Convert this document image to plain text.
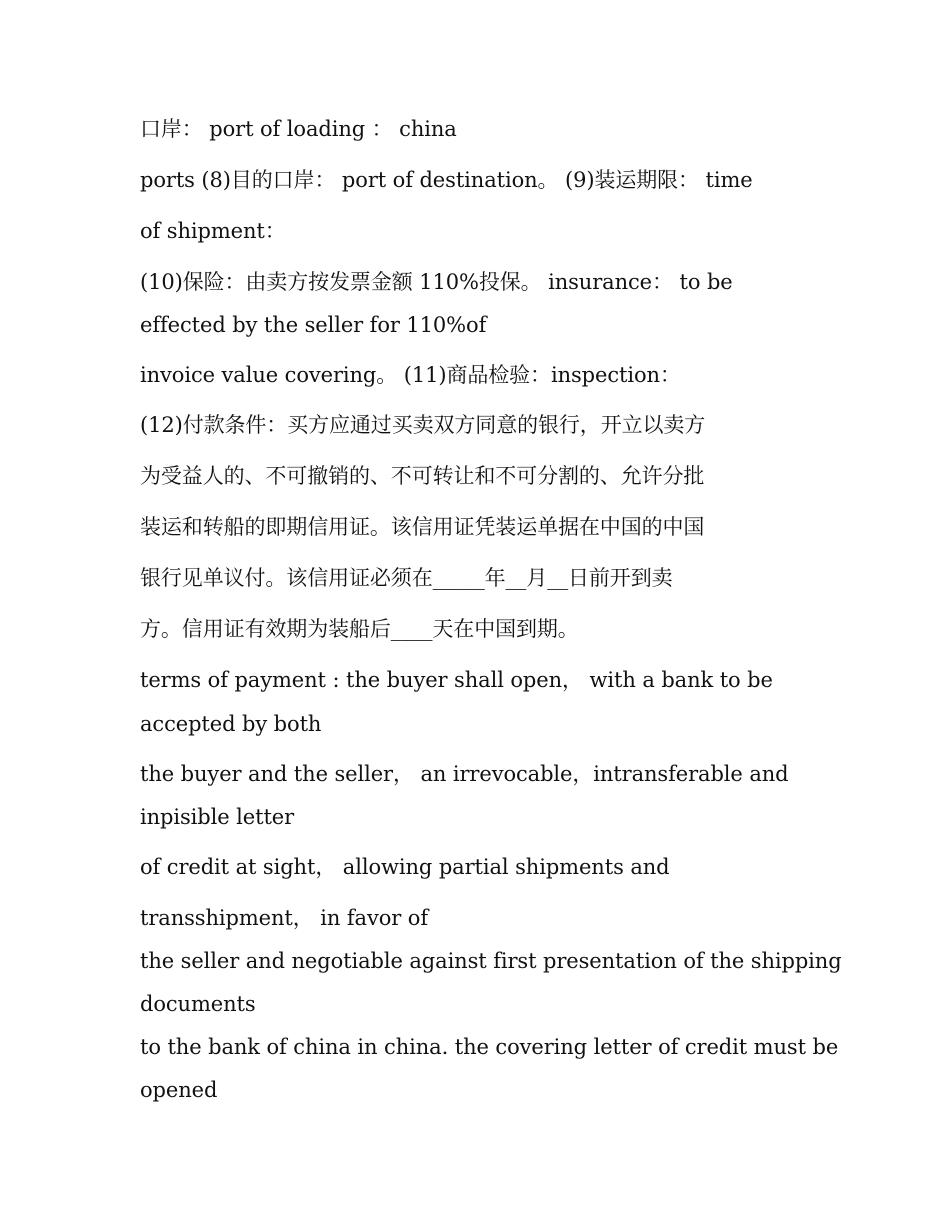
口岸： port of loading ： china
ports (8)目的口岸： port of destination。 (9)装运期限： time
of shipment：
(10)保险：由卖方按发票金额 110%投保。 insurance： to be
effected by the seller for 110%of
invoice value covering。 (11)商品检验：inspection：
(12)付款条件：买方应通过买卖双方同意的银行，开立以卖方
为受益人的、不可撤销的、不可转让和不可分割的、允许分批
装运和转船的即期信用证。该信用证凭装运单据在中国的中国
银行见单议付。该信用证必须在_____年__月__日前开到卖
方。信用证有效期为装船后____天在中国到期。
terms of payment : the buyer shall open， with a bank to be
accepted by both
the buyer and the seller， an irrevocable，intransferable and
inpisible letter
of credit at sight， allowing partial shipments and
transshipment， in favor of
the seller and negotiable against first presentation of the shipping
documents
to the bank of china in china. the covering letter of credit must be
opened
